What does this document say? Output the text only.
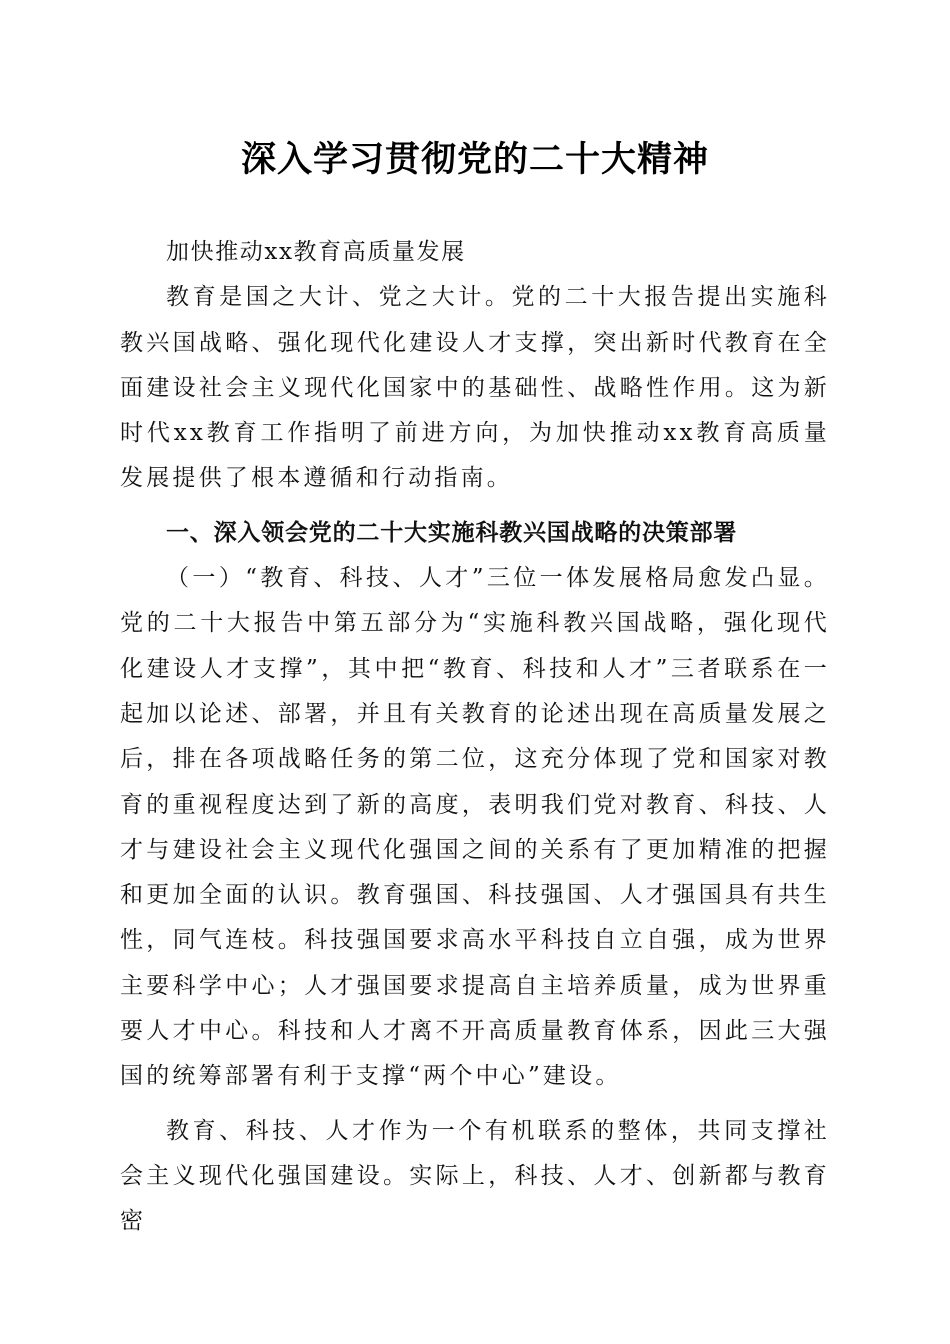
深入学习贯彻党的二十大精神

加快推动xx教育高质量发展

教育是国之大计、党之大计。党的二十大报告提出实施科教兴国战略、强化现代化建设人才支撑，突出新时代教育在全面建设社会主义现代化国家中的基础性、战略性作用。这为新时代xx教育工作指明了前进方向，为加快推动xx教育高质量发展提供了根本遵循和行动指南。

一、深入领会党的二十大实施科教兴国战略的决策部署

（一）“教育、科技、人才”三位一体发展格局愈发凸显。党的二十大报告中第五部分为“实施科教兴国战略，强化现代化建设人才支撑”，其中把“教育、科技和人才”三者联系在一起加以论述、部署，并且有关教育的论述出现在高质量发展之后，排在各项战略任务的第二位，这充分体现了党和国家对教育的重视程度达到了新的高度，表明我们党对教育、科技、人才与建设社会主义现代化强国之间的关系有了更加精准的把握和更加全面的认识。教育强国、科技强国、人才强国具有共生性，同气连枝。科技强国要求高水平科技自立自强，成为世界主要科学中心；人才强国要求提高自主培养质量，成为世界重要人才中心。科技和人才离不开高质量教育体系，因此三大强国的统筹部署有利于支撑“两个中心”建设。

教育、科技、人才作为一个有机联系的整体，共同支撑社会主义现代化强国建设。实际上，科技、人才、创新都与教育密
